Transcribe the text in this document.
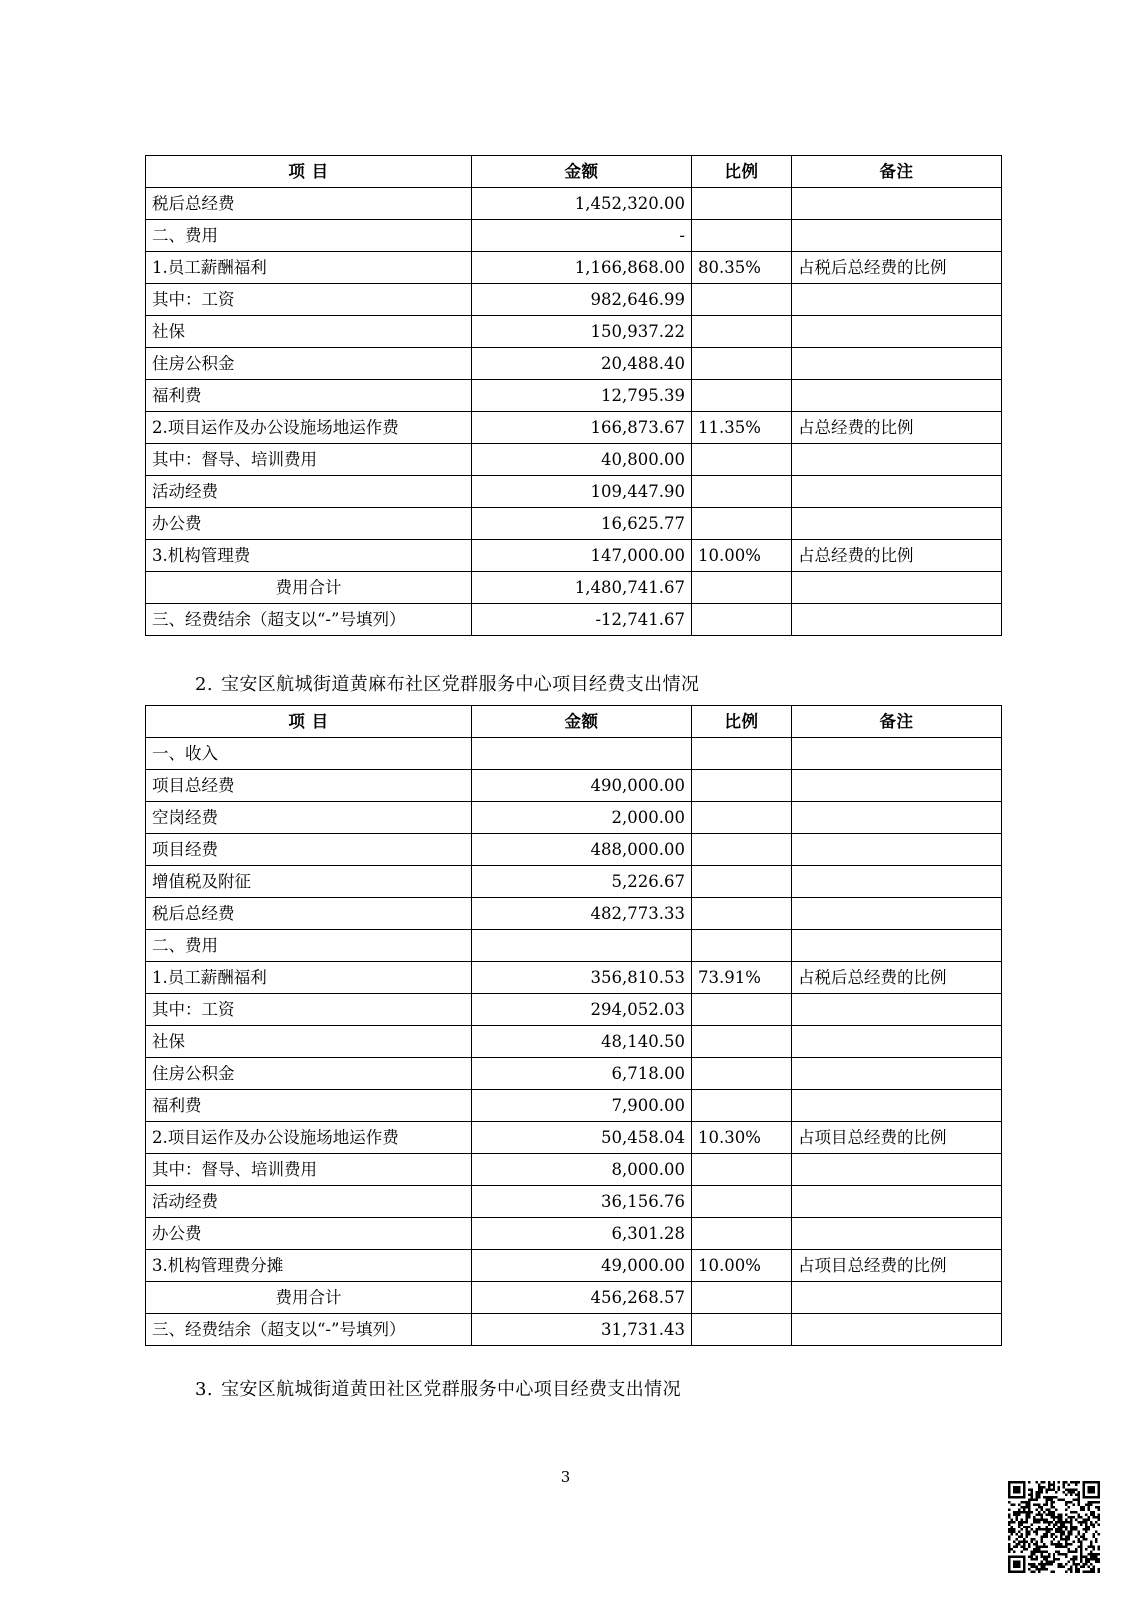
项 目	金额	比例	备注
税后总经费	1,452,320.00		
二、费用	-		
1.员工薪酬福利	1,166,868.00	80.35%	占税后总经费的比例
其中：工资	982,646.99		
社保	150,937.22		
住房公积金	20,488.40		
福利费	12,795.39		
2.项目运作及办公设施场地运作费	166,873.67	11.35%	占总经费的比例
其中：督导、培训费用	40,800.00		
活动经费	109,447.90		
办公费	16,625.77		
3.机构管理费	147,000.00	10.00%	占总经费的比例
费用合计	1,480,741.67		
三、经费结余（超支以“-”号填列）	-12,741.67		
2. 宝安区航城街道黄麻布社区党群服务中心项目经费支出情况
项 目	金额	比例	备注
一、收入			
项目总经费	490,000.00		
空岗经费	2,000.00		
项目经费	488,000.00		
增值税及附征	5,226.67		
税后总经费	482,773.33		
二、费用			
1.员工薪酬福利	356,810.53	73.91%	占税后总经费的比例
其中：工资	294,052.03		
社保	48,140.50		
住房公积金	6,718.00		
福利费	7,900.00		
2.项目运作及办公设施场地运作费	50,458.04	10.30%	占项目总经费的比例
其中：督导、培训费用	8,000.00		
活动经费	36,156.76		
办公费	6,301.28		
3.机构管理费分摊	49,000.00	10.00%	占项目总经费的比例
费用合计	456,268.57		
三、经费结余（超支以“-”号填列）	31,731.43		
3. 宝安区航城街道黄田社区党群服务中心项目经费支出情况
3
